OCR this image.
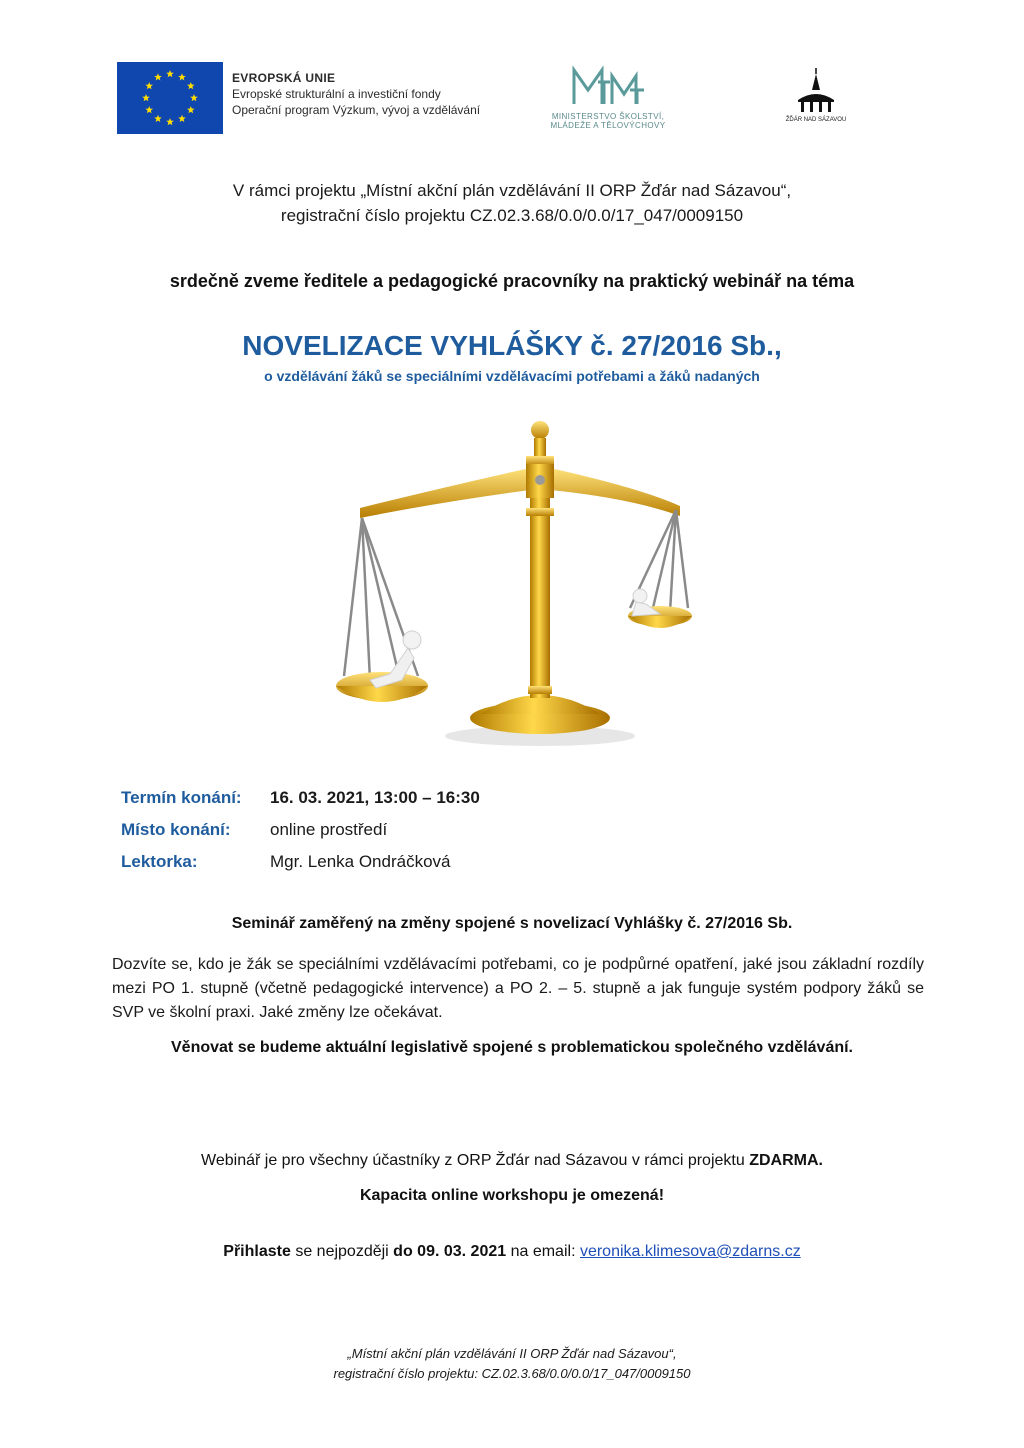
EVROPSKÁ UNIE
Evropské strukturální a investiční fondy
Operační program Výzkum, vývoj a vzdělávání	MINISTERSTVO ŠKOLSTVÍ,
MLÁDEŽE A TĚLOVÝCHOVY
ŽĎÁR NAD SÁZAVOU
V rámci projektu „Místní akční plán vzdělávání II ORP Žďár nad Sázavou“,
registrační číslo projektu CZ.02.3.68/0.0/0.0/17_047/0009150
srdečně zveme ředitele a pedagogické pracovníky na praktický webinář na téma
NOVELIZACE VYHLÁŠKY č. 27/2016 Sb.,
o vzdělávání žáků se speciálními vzdělávacími potřebami a žáků nadaných
Termín konání:	16. 03. 2021, 13:00 – 16:30
Místo konání:	online prostředí
Lektorka:	Mgr. Lenka Ondráčková
Seminář zaměřený na změny spojené s novelizací Vyhlášky č. 27/2016 Sb.
Dozvíte se, kdo je žák se speciálními vzdělávacími potřebami, co je podpůrné opatření, jaké jsou základní rozdíly mezi PO 1. stupně (včetně pedagogické intervence) a PO 2. – 5. stupně a jak funguje systém podpory žáků se SVP ve školní praxi. Jaké změny lze očekávat.
Věnovat se budeme aktuální legislativě spojené s problematickou společného vzdělávání.
Webinář je pro všechny účastníky z ORP Žďár nad Sázavou v rámci projektu ZDARMA.
Kapacita online workshopu je omezená!
Přihlaste se nejpozději do 09. 03. 2021 na email: veronika.klimesova@zdarns.cz
„Místní akční plán vzdělávání II ORP Žďár nad Sázavou“,
registrační číslo projektu: CZ.02.3.68/0.0/0.0/17_047/0009150
